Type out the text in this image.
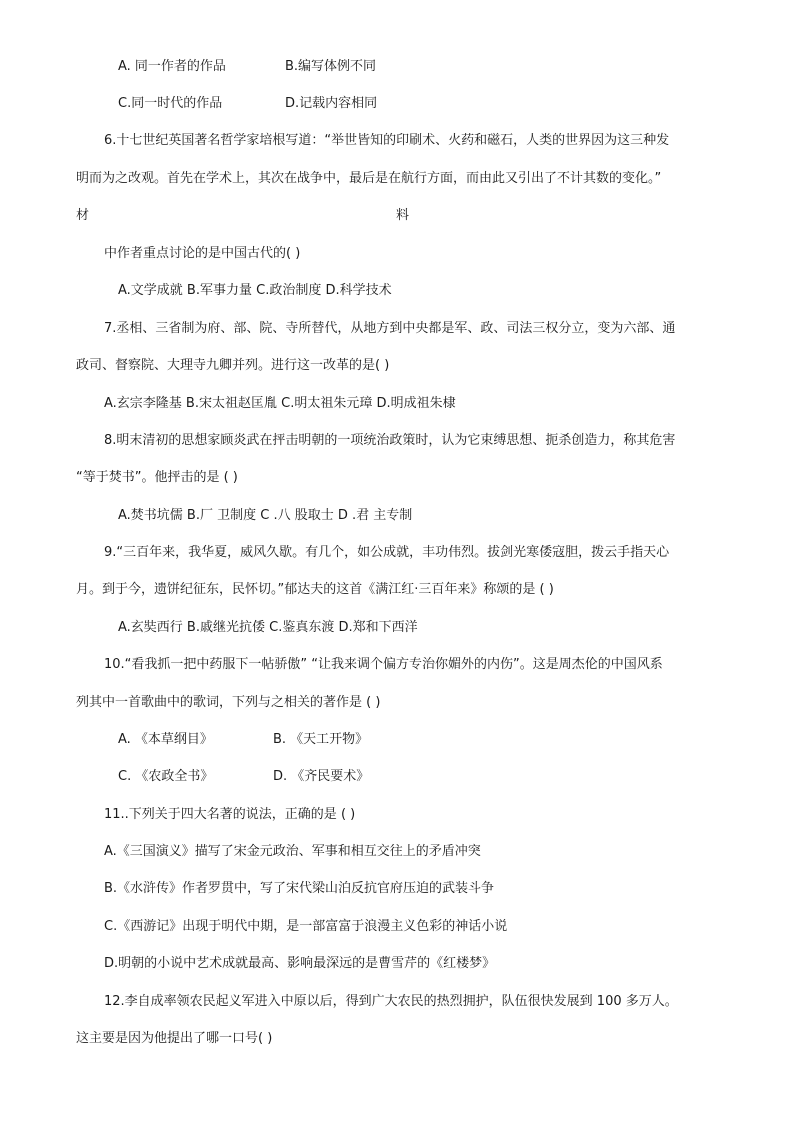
A. 同一作者的作品	B.编写体例不同
C.同一时代的作品	D.记载内容相同
6.十七世纪英国著名哲学家培根写道：“举世皆知的印刷术、火药和磁石，人类的世界因为这三种发
明而为之改观。首先在学术上，其次在战争中，最后是在航行方面，而由此又引出了不计其数的变化。”
材	料
中作者重点讨论的是中国古代的( )
A.文学成就 B.军事力量 C.政治制度 D.科学技术
7.丞相、三省制为府、部、院、寺所替代，从地方到中央都是军、政、司法三权分立，变为六部、通
政司、督察院、大理寺九卿并列。进行这一改革的是( )
A.玄宗李隆基 B.宋太祖赵匡胤 C.明太祖朱元璋 D.明成祖朱棣
8.明末清初的思想家顾炎武在抨击明朝的一项统治政策时，认为它束缚思想、扼杀创造力，称其危害
“等于焚书”。他抨击的是 ( )
A.焚书坑儒 B.厂 卫制度 C .八 股取士 D .君 主专制
9.“三百年来，我华夏，威风久歇。有几个，如公成就，丰功伟烈。拔剑光寒倭寇胆，拨云手指天心
月。到于今，遗饼纪征东，民怀切。”郁达夫的这首《满江红·三百年来》称颂的是 ( )
A.玄奘西行 B.戚继光抗倭 C.鉴真东渡 D.郑和下西洋
10.“看我抓一把中药服下一帖骄傲” “让我来调个偏方专治你媚外的内伤”。这是周杰伦的中国风系
列其中一首歌曲中的歌词，下列与之相关的著作是 ( )
A. 《本草纲目》	B. 《天工开物》
C. 《农政全书》	D. 《齐民要术》
11..下列关于四大名著的说法，正确的是 ( )
A.《三国演义》描写了宋金元政治、军事和相互交往上的矛盾冲突
B.《水浒传》作者罗贯中，写了宋代梁山泊反抗官府压迫的武装斗争
C.《西游记》出现于明代中期，是一部富富于浪漫主义色彩的神话小说
D.明朝的小说中艺术成就最高、影响最深远的是曹雪芹的《红楼梦》
12.李自成率领农民起义军进入中原以后，得到广大农民的热烈拥护，队伍很快发展到 100 多万人。
这主要是因为他提出了哪一口号( )
